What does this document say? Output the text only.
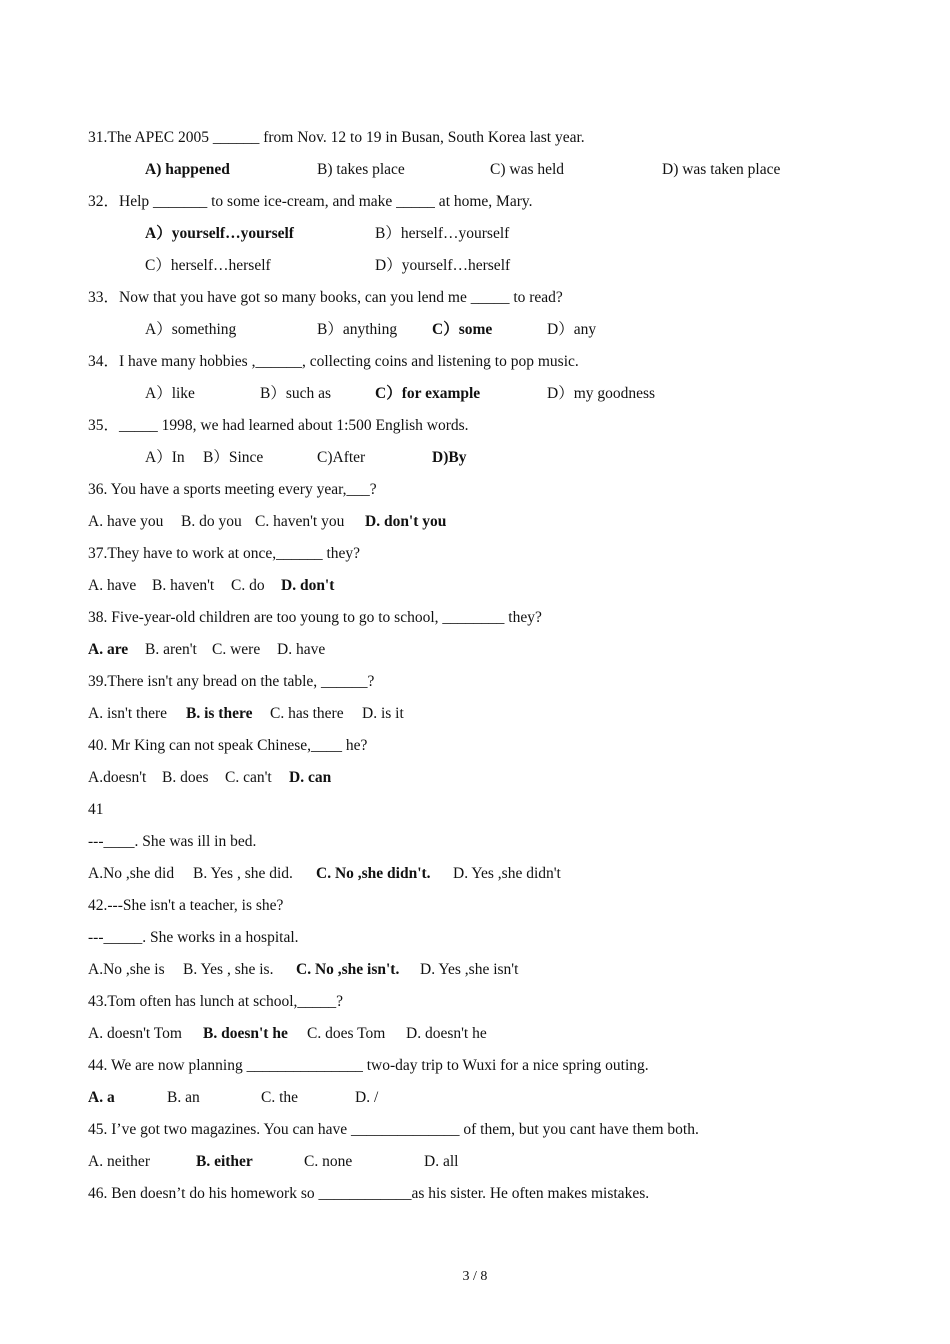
31.The APEC 2005 ______ from Nov. 12 to 19 in Busan, South Korea last year.
A) happened	B) takes place	C) was held	D) was taken place
32．Help _______ to some ice-cream, and make _____ at home, Mary.
A）yourself…yourself	B）herself…yourself
C）herself…herself	D）yourself…herself
33．Now that you have got so many books, can you lend me _____ to read?
A）something	B）anything C）some	D）any
34．I have many hobbies ,______, collecting coins and listening to pop music.
A）like	B）such as	C）for example	D）my goodness
35．_____ 1998, we had learned about 1:500 English words.
A）In B）Since	C)After	D)By
36. You have a sports meeting every year,___?
A. have you B. do you C. haven't you D. don't you
37.They have to work at once,______ they?
A. have B. haven't C. do D. don't
38. Five-year-old children are too young to go to school, ________ they?
A. are B. aren't C. were D. have
39.There isn't any bread on the table, ______?
A. isn't there B. is there C. has there D. is it
40. Mr King can not speak Chinese,____ he?
A.doesn't B. does C. can't D. can
41
---____. She was ill in bed.
A.No ,she did B. Yes , she did. C. No ,she didn't. D. Yes ,she didn't
42.---She isn't a teacher, is she?
---_____. She works in a hospital.
A.No ,she is B. Yes , she is. C. No ,she isn't. D. Yes ,she isn't
43.Tom often has lunch at school,_____?
A. doesn't Tom B. doesn't he C. does Tom D. doesn't he
44. We are now planning _______________ two-day trip to Wuxi for a nice spring outing.
A. a	B. an	C. the	D. /
45. I’ve got two magazines. You can have ______________ of them, but you cant have them both.
A. neither	B. either	C. none	D. all
46. Ben doesn’t do his homework so ____________as his sister. He often makes mistakes.
3 / 8
